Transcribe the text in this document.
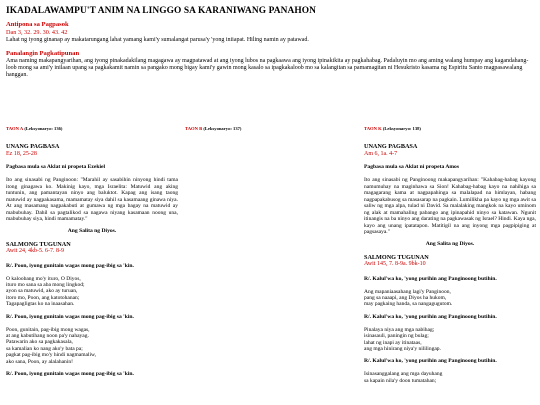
IKADALAWAMPU'T ANIM NA LINGGO SA KARANIWANG PANAHON

Antipona sa Pagpasok

Dan 3, 32. 29. 30. 43. 42

Lahat ng iyong ginanap ay makatarungang lahat yamang kami'y sumalangat parusa'y 'yong iniiapat. Hiling namin ay patawad.

Panalangin Pagkatipunan

Ama naming makapangyarihan, ang iyong pinakadakilang magagawa ay magpatawad at ang iyong lubos na pagkaawa ang iyong ipinakikita ay pagkahabag. Padaluyin mo ang aming walang humpay ang kagandahang-loob mong sa ami'y inilaan upang sa pagkakamit namin sa pangako mong bigay kami'y gawin mong kasalo sa ipagkakaloob mo sa kalangitan sa pamamagitan ni Hesukristo kasama ng Espiritu Santo magpasawalang hanggan.

TAON A (Leksyonaryo: 136)

UNANG PAGBASA

Ez 18, 25-28

Pagbasa mula sa Aklat ni propeta Ezekiel

Ito ang sinasabi ng Panginoon: "Marahil ay sasabihin ninyong hindi tama itong ginagawa ko. Makinig kayo, mga Israelita: Matuwid ang aking tuntunin, ang pamantayan ninyo ang baluktot. Kapag ang isang taong matuwid ay nagpakasama, mamamatay siya dahil sa kasamaang ginawa niya. At ang masamang nagpakabuti at gumawa ng mga bagay na matuwid ay mabubuhay. Dahil sa pagtalikod sa nagawa niyang kasamaan noong una, mabubuhay siya, hindi mamamatay."

Ang Salita ng Diyos.

SALMONG TUGUNAN

Awit 24, 4kb-5. 6-7. 8-9

R/. Poon, iyong gunitain wagas mong pag-ibig sa 'kin.

O kaloobang mo'y ituro, O Diyos,
ituro mo sana sa aba mong lingkod;
ayon sa matuwid, ako ay turuan,
itoro mo, Poon, ang katotohanan;
Tagapagligtas ko na inaasahan.

R/. Poon, iyong gunitain wagas mong pag-ibig sa 'kin.

Poon, gunitain, pag-ibig mong wagas,
at ang kabutihang noon pa'y nahayag.
Patawarin ako sa pagkakasala,
sa kamalian ko nang ako'y bata pa;
pagkat pag-ibig mo'y hindi nagmamaliw,
ako sana, Poon, ay alalahanin!

R/. Poon, iyong gunitain wagas mong pag-ibig sa 'kin.

TAON B (Leksyonaryo: 137)	TAON K (Leksyonaryo: 138)

UNANG PAGBASA

Am 6, 1a. 4-7

Pagbasa mula sa Aklat ni propeta Amos

Ito ang sinasabi ng Panginoong makapangyarihan: "Kahabag-habag kayong namumuhay na maginhawa sa Sion! Kahabag-habag kayo na nahihiga sa magagarang kama at nagpapahinga sa malalapad na himlayan, habang nagpapakabusog sa masasarap na pagkain. Lumilikha pa kayo ng mga awit sa saliw ng mga alpa, tulad ni David. Sa malalaking mangkok na kayo uminom ng alak at mamahaling pabango ang ipinapahid ninyo sa katawan. Ngunit itinangis na ba ninyo ang darating na pagkawasak ng Israel? Hindi. Kaya nga, kayo ang unang ipatatapon. Matitigil na ang inyong mga pagpipiging at pagsasaya."

Ang Salita ng Diyos.

SALMONG TUGUNAN

Awit 145, 7. 8-9a. 9bk-10

R/. Kalul'wa ko, 'yong purihin ang Panginoong butihin.

Ang mapaniaasahang lagi'y Panginoon,
pang sa naaapi, ang Diyos ha hukom,
may pagkaing handa, sa nangagugutom.

R/. Kalul'wa ko, 'yong purihin ang Panginoong butihin.

Pinalaya niya ang mga nabihag;
isinasauli, paningin ng bulag;
lahat ng inapi ay itinataas,
ang mga hinirang niya'y nililingap.

R/. Kalul'wa ko, 'yong purihin ang Panginoong butihin.

Isinasanggalang ang mga dayuhang
sa kapain nila'y doon tumatahan;
